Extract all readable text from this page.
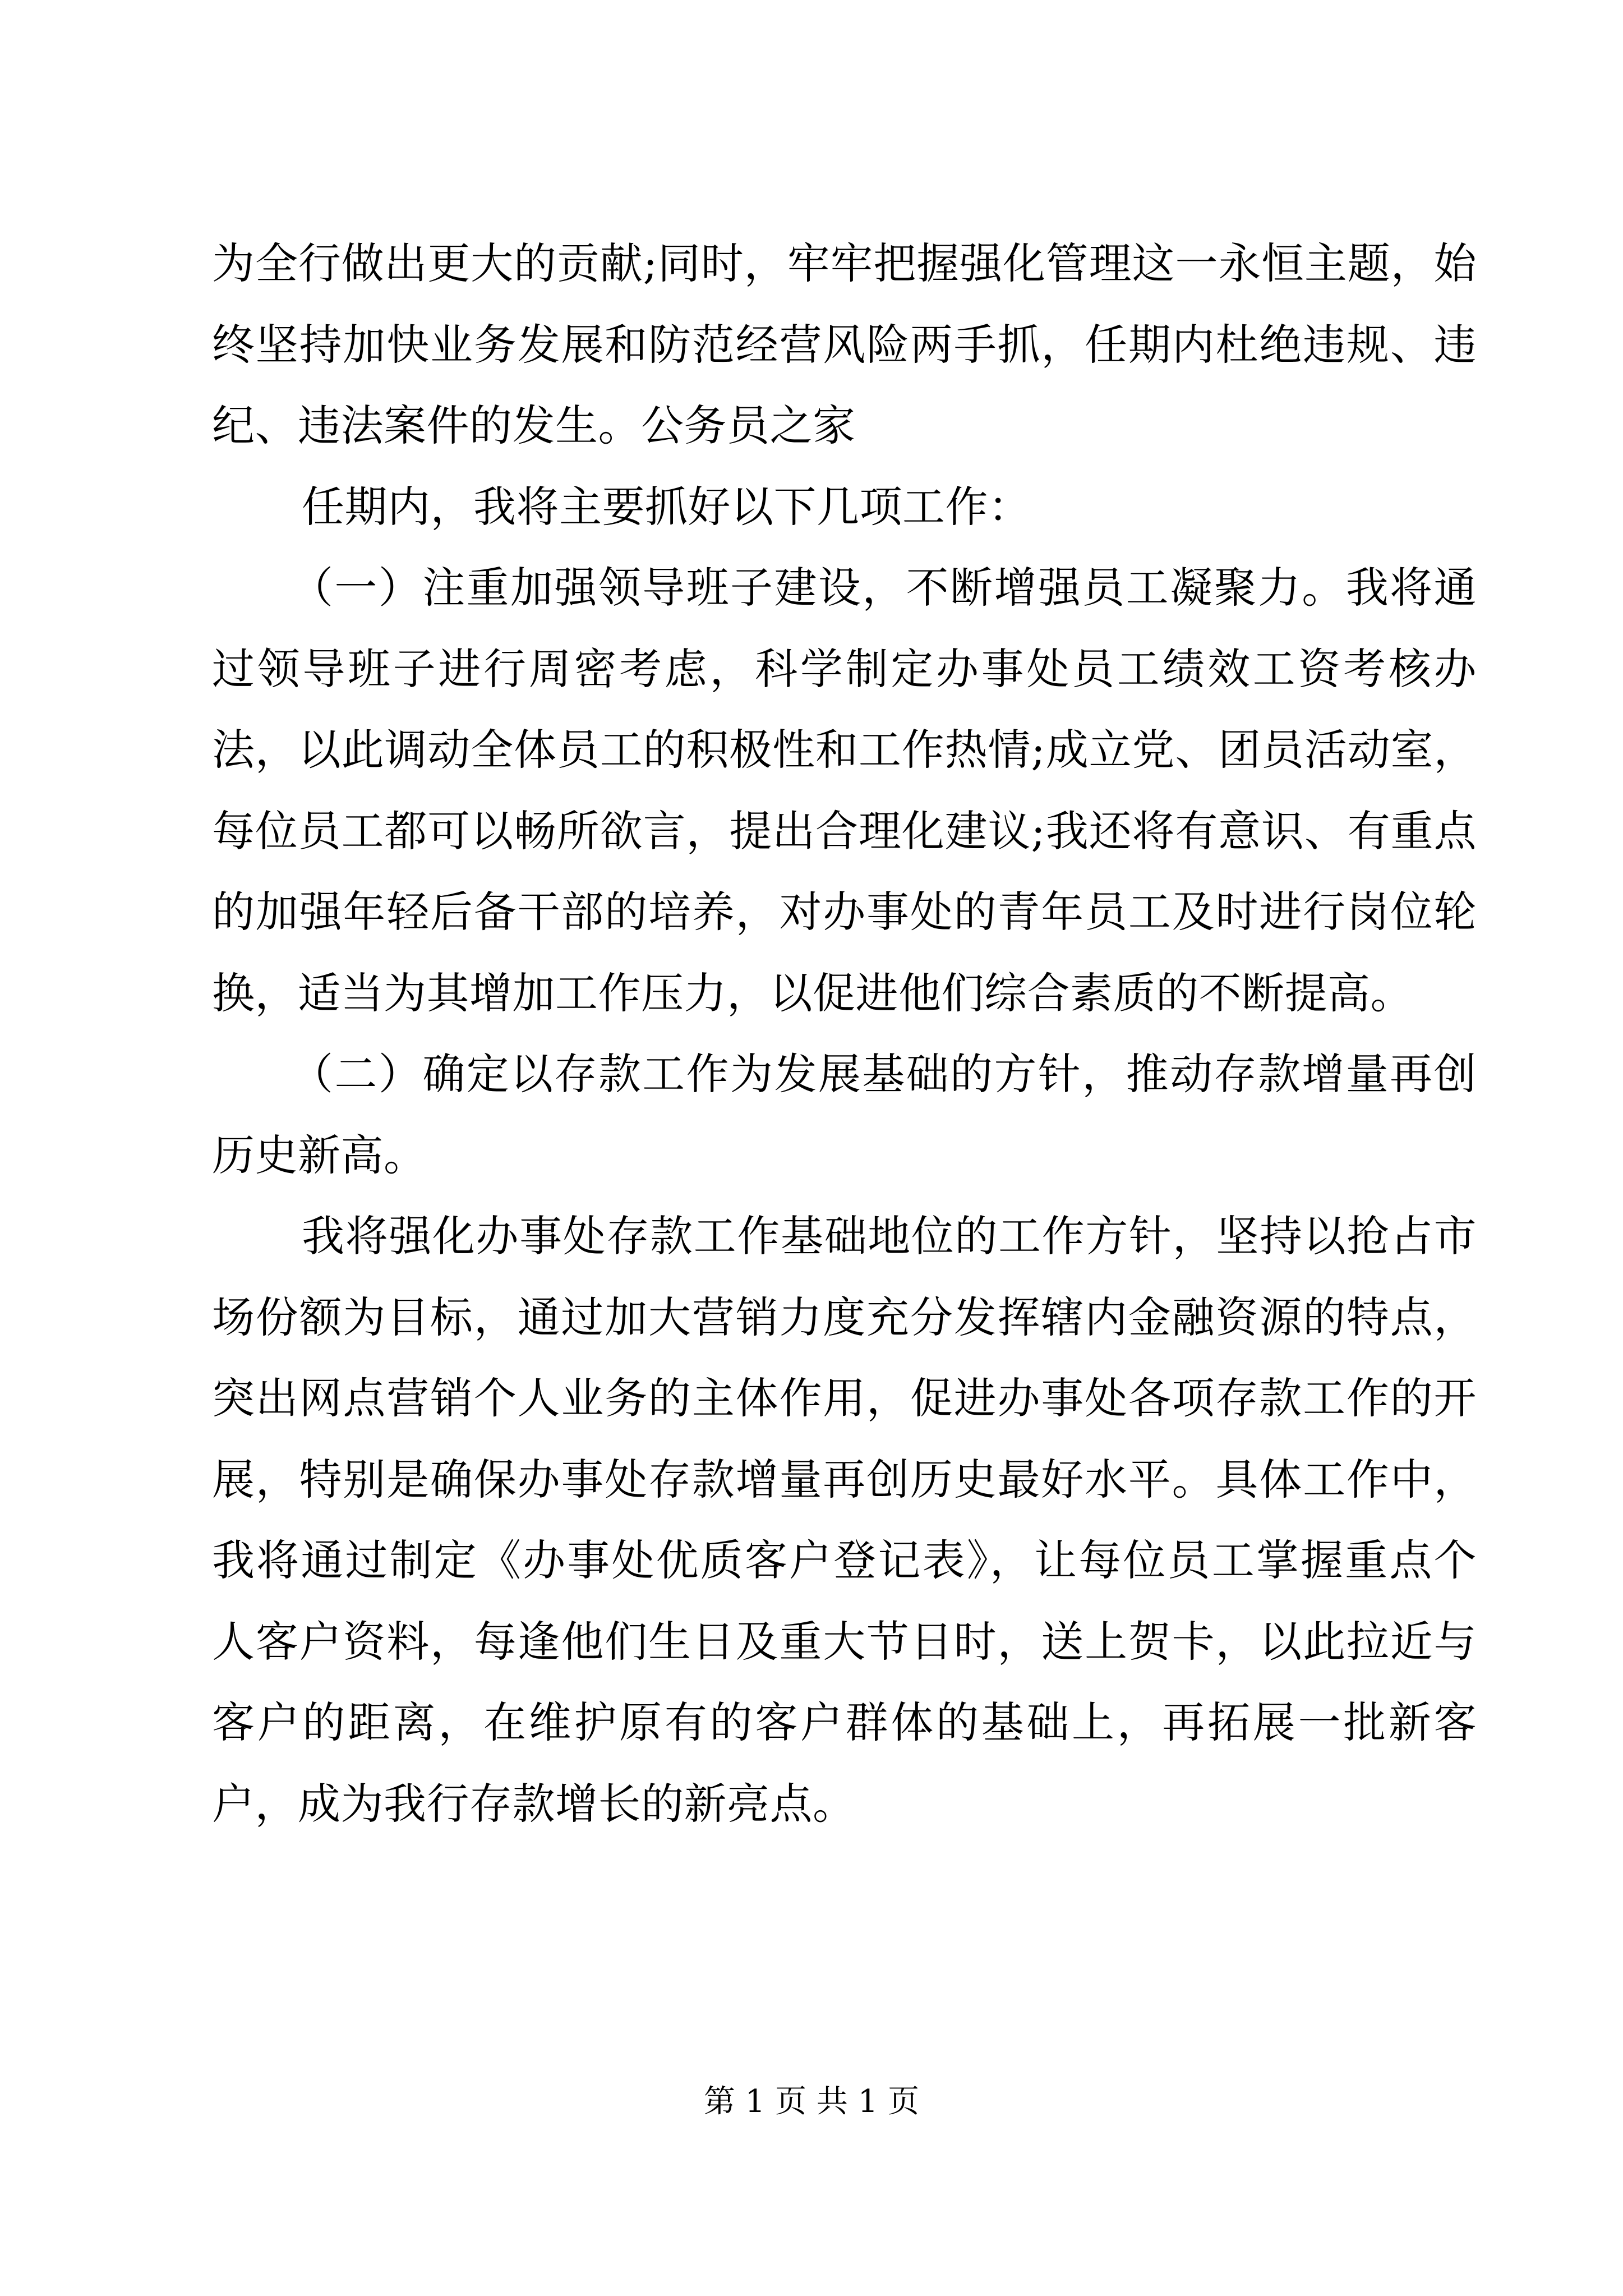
为全行做出更大的贡献;同时，牢牢把握强化管理这一永恒主题，始终坚持加快业务发展和防范经营风险两手抓，任期内杜绝违规、违纪、违法案件的发生。公务员之家

任期内，我将主要抓好以下几项工作：

（一）注重加强领导班子建设，不断增强员工凝聚力。我将通过领导班子进行周密考虑，科学制定办事处员工绩效工资考核办法，以此调动全体员工的积极性和工作热情;成立党、团员活动室，每位员工都可以畅所欲言，提出合理化建议;我还将有意识、有重点的加强年轻后备干部的培养，对办事处的青年员工及时进行岗位轮换，适当为其增加工作压力，以促进他们综合素质的不断提高。

（二）确定以存款工作为发展基础的方针，推动存款增量再创历史新高。

我将强化办事处存款工作基础地位的工作方针，坚持以抢占市场份额为目标，通过加大营销力度充分发挥辖内金融资源的特点，突出网点营销个人业务的主体作用，促进办事处各项存款工作的开展，特别是确保办事处存款增量再创历史最好水平。具体工作中，我将通过制定《办事处优质客户登记表》，让每位员工掌握重点个人客户资料，每逢他们生日及重大节日时，送上贺卡，以此拉近与客户的距离，在维护原有的客户群体的基础上，再拓展一批新客户，成为我行存款增长的新亮点。

第 1 页 共 1 页
